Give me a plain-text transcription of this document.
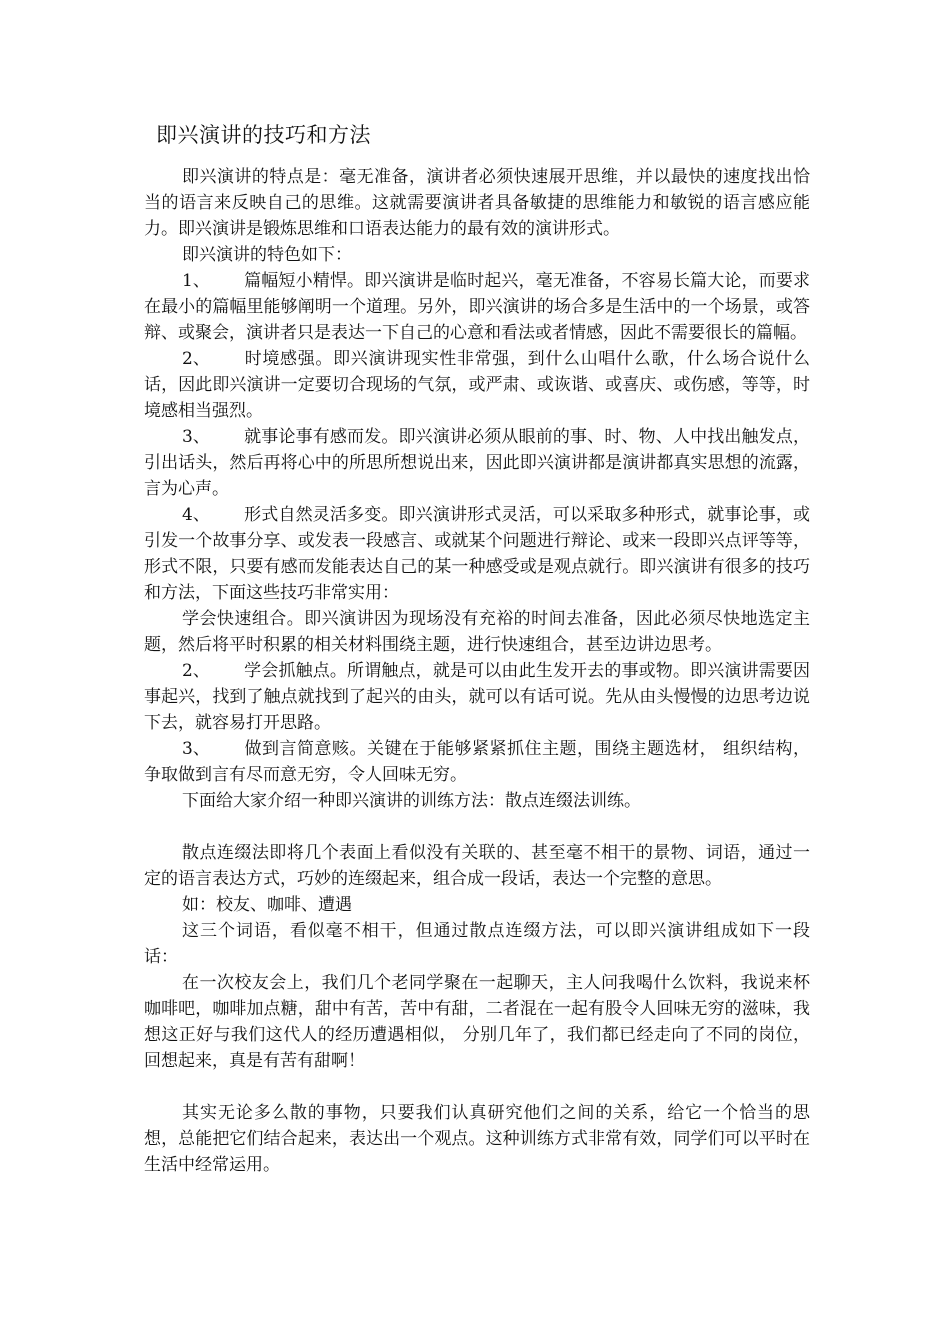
即兴演讲的技巧和方法

即兴演讲的特点是：毫无准备，演讲者必须快速展开思维，并以最快的速度找出恰当的语言来反映自己的思维。这就需要演讲者具备敏捷的思维能力和敏锐的语言感应能力。即兴演讲是锻炼思维和口语表达能力的最有效的演讲形式。

即兴演讲的特色如下：

1、 篇幅短小精悍。即兴演讲是临时起兴，毫无准备，不容易长篇大论，而要求在最小的篇幅里能够阐明一个道理。另外，即兴演讲的场合多是生活中的一个场景，或答辩、或聚会，演讲者只是表达一下自己的心意和看法或者情感，因此不需要很长的篇幅。

2、 时境感强。即兴演讲现实性非常强，到什么山唱什么歌，什么场合说什么话，因此即兴演讲一定要切合现场的气氛，或严肃、或诙谐、或喜庆、或伤感，等等，时境感相当强烈。

3、 就事论事有感而发。即兴演讲必须从眼前的事、时、物、人中找出触发点，引出话头，然后再将心中的所思所想说出来，因此即兴演讲都是演讲都真实思想的流露，言为心声。

4、 形式自然灵活多变。即兴演讲形式灵活，可以采取多种形式，就事论事，或引发一个故事分享、或发表一段感言、或就某个问题进行辩论、或来一段即兴点评等等，形式不限，只要有感而发能表达自己的某一种感受或是观点就行。即兴演讲有很多的技巧和方法，下面这些技巧非常实用：

学会快速组合。即兴演讲因为现场没有充裕的时间去准备，因此必须尽快地选定主题，然后将平时积累的相关材料围绕主题，进行快速组合，甚至边讲边思考。

2、 学会抓触点。所谓触点，就是可以由此生发开去的事或物。即兴演讲需要因事起兴，找到了触点就找到了起兴的由头，就可以有话可说。先从由头慢慢的边思考边说下去，就容易打开思路。

3、 做到言简意赅。关键在于能够紧紧抓住主题，围绕主题选材， 组织结构，争取做到言有尽而意无穷，令人回味无穷。

下面给大家介绍一种即兴演讲的训练方法：散点连缀法训练。

散点连缀法即将几个表面上看似没有关联的、甚至毫不相干的景物、词语，通过一定的语言表达方式，巧妙的连缀起来，组合成一段话，表达一个完整的意思。

如：校友、咖啡、遭遇

这三个词语，看似毫不相干，但通过散点连缀方法，可以即兴演讲组成如下一段话：

在一次校友会上，我们几个老同学聚在一起聊天，主人问我喝什么饮料，我说来杯咖啡吧，咖啡加点糖，甜中有苦，苦中有甜，二者混在一起有股令人回味无穷的滋味，我想这正好与我们这代人的经历遭遇相似， 分别几年了，我们都已经走向了不同的岗位，回想起来，真是有苦有甜啊！

其实无论多么散的事物，只要我们认真研究他们之间的关系，给它一个恰当的思想，总能把它们结合起来，表达出一个观点。这种训练方式非常有效，同学们可以平时在生活中经常运用。
